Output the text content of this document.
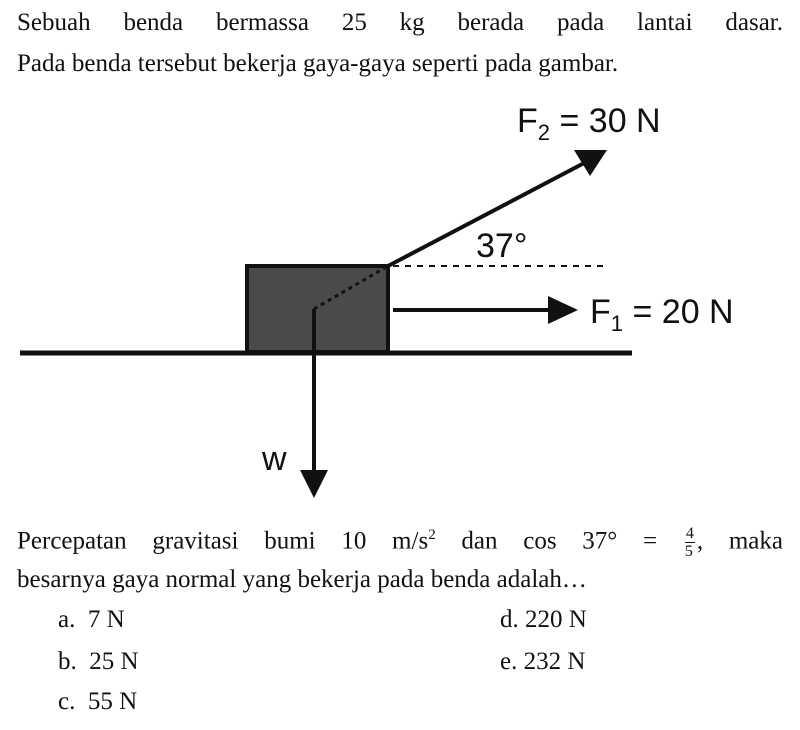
Sebuah benda bermassa 25 kg berada pada lantai dasar.
Pada benda tersebut bekerja gaya-gaya seperti pada gambar.
$F_2 = 30$ N
37°
$F_1 = 20$ N
w
Percepatan gravitasi bumi 10 $m/s^2$ dan $\cos 37^\circ = \frac{4}{5}$ , maka
besarnya gaya normal yang bekerja pada benda adalah…
a. 7 N
b. 25 N
c. 55 N
d. 220 N
e. 232 N
